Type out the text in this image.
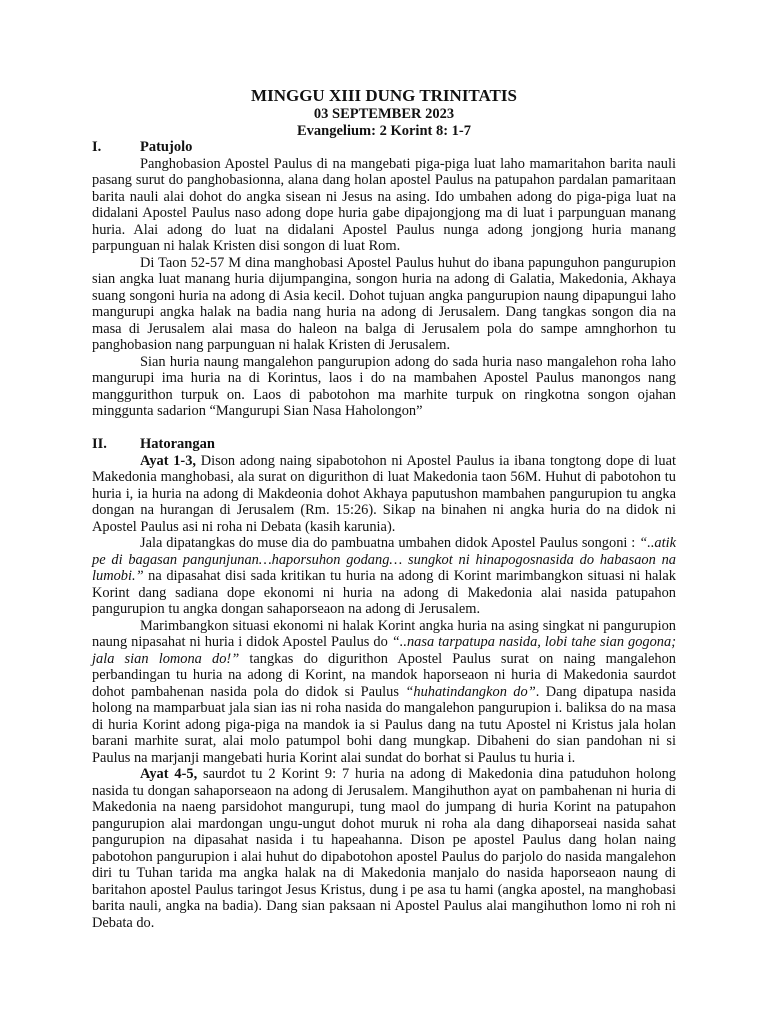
MINGGU XIII DUNG TRINITATIS
03 SEPTEMBER 2023
Evangelium: 2 Korint 8: 1-7
I.	Patujolo

Panghobasion Apostel Paulus di na mangebati piga-piga luat laho mamaritahon barita nauli pasang surut do panghobasionna, alana dang holan apostel Paulus na patupahon pardalan pamaritaan barita nauli alai dohot do angka sisean ni Jesus na asing. Ido umbahen adong do piga-piga luat na didalani Apostel Paulus naso adong dope huria gabe dipajongjong ma di luat i parpunguan manang huria. Alai adong do luat na didalani Apostel Paulus nunga adong jongjong huria manang parpunguan ni halak Kristen disi songon di luat Rom.

Di Taon 52-57 M dina manghobasi Apostel Paulus huhut do ibana papunguhon pangurupion sian angka luat manang huria dijumpangina, songon huria na adong di Galatia, Makedonia, Akhaya suang songoni huria na adong di Asia kecil. Dohot tujuan angka pangurupion naung dipapungui laho mangurupi angka halak na badia nang huria na adong di Jerusalem. Dang tangkas songon dia na masa di Jerusalem alai masa do haleon na balga di Jerusalem pola do sampe amnghorhon tu panghobasion nang parpunguan ni halak Kristen di Jerusalem.

Sian huria naung mangalehon pangurupion adong do sada huria naso mangalehon roha laho mangurupi ima huria na di Korintus, laos i do na mambahen Apostel Paulus manongos nang manggurithon turpuk on. Laos di pabotohon ma marhite turpuk on ringkotna songon ojahan minggunta sadarion “Mangurupi Sian Nasa Haholongon”

II.	Hatorangan

Ayat 1-3, Dison adong naing sipabotohon ni Apostel Paulus ia ibana tongtong dope di luat Makedonia manghobasi, ala surat on digurithon di luat Makedonia taon 56M. Huhut di pabotohon tu huria i, ia huria na adong di Makdeonia dohot Akhaya paputushon mambahen pangurupion tu angka dongan na hurangan di Jerusalem (Rm. 15:26). Sikap na binahen ni angka huria do na didok ni Apostel Paulus asi ni roha ni Debata (kasih karunia).

Jala dipatangkas do muse dia do pambuatna umbahen didok Apostel Paulus songoni : “..atik pe di bagasan pangunjunan…haporsuhon godang… sungkot ni hinapogosnasida do habasaon na lumobi.” na dipasahat disi sada kritikan tu huria na adong di Korint marimbangkon situasi ni halak Korint dang sadiana dope ekonomi ni huria na adong di Makedonia alai nasida patupahon pangurupion tu angka dongan sahaporseaon na adong di Jerusalem.

Marimbangkon situasi ekonomi ni halak Korint angka huria na asing singkat ni pangurupion naung nipasahat ni huria i didok Apostel Paulus do “..nasa tarpatupa nasida, lobi tahe sian gogona; jala sian lomona do!” tangkas do digurithon Apostel Paulus surat on naing mangalehon perbandingan tu huria na adong di Korint, na mandok haporseaon ni huria di Makedonia saurdot dohot pambahenan nasida pola do didok si Paulus “huhatindangkon do”. Dang dipatupa nasida holong na mamparbuat jala sian ias ni roha nasida do mangalehon pangurupion i. baliksa do na masa di huria Korint adong piga-piga na mandok ia si Paulus dang na tutu Apostel ni Kristus jala holan barani marhite surat, alai molo patumpol bohi dang mungkap. Dibaheni do sian pandohan ni si Paulus na marjanji mangebati huria Korint alai sundat do borhat si Paulus tu huria i.

Ayat 4-5, saurdot tu 2 Korint 9: 7 huria na adong di Makedonia dina patuduhon holong nasida tu dongan sahaporseaon na adong di Jerusalem. Mangihuthon ayat on pambahenan ni huria di Makedonia na naeng parsidohot mangurupi, tung maol do jumpang di huria Korint na patupahon pangurupion alai mardongan ungu-ungut dohot muruk ni roha ala dang dihaporseai nasida sahat pangurupion na dipasahat nasida i tu hapeahanna. Dison pe apostel Paulus dang holan naing pabotohon pangurupion i alai huhut do dipabotohon apostel Paulus do parjolo do nasida mangalehon diri tu Tuhan tarida ma angka halak na di Makedonia manjalo do nasida haporseaon naung di baritahon apostel Paulus taringot Jesus Kristus, dung i pe asa tu hami (angka apostel, na manghobasi barita nauli, angka na badia). Dang sian paksaan ni Apostel Paulus alai mangihuthon lomo ni roh ni Debata do.
